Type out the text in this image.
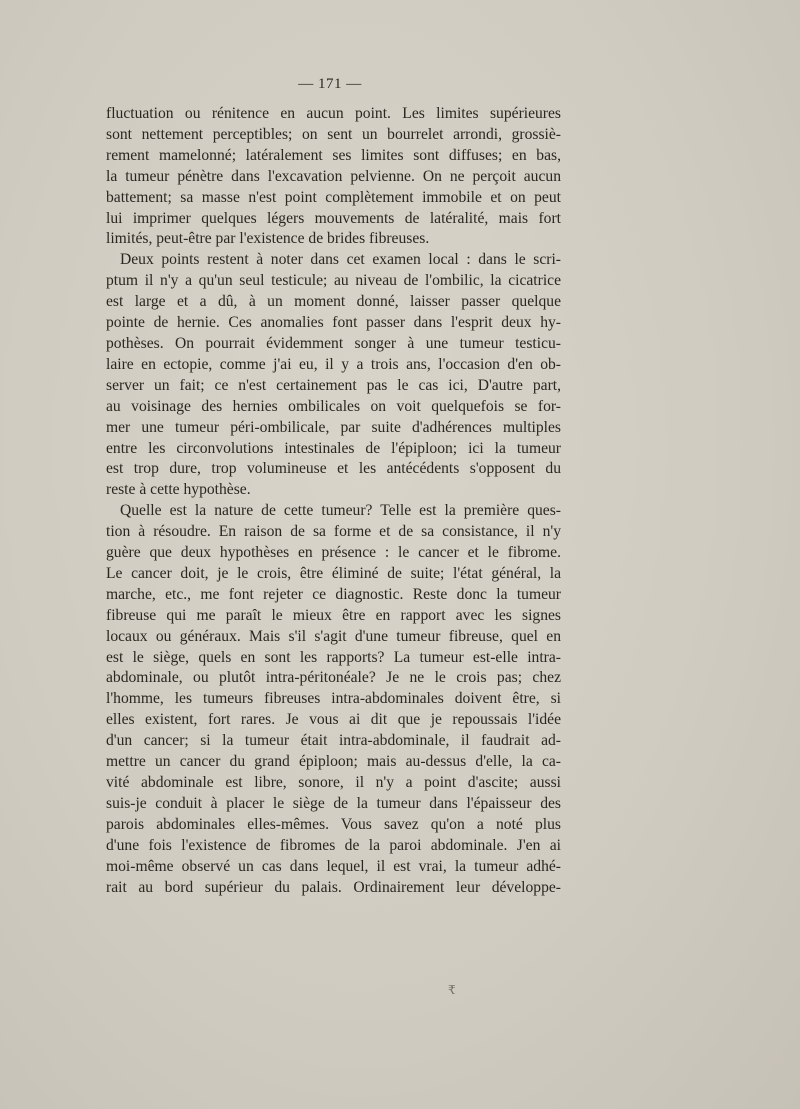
— 171 —
fluctuation ou rénitence en aucun point. Les limites supérieures
sont nettement perceptibles; on sent un bourrelet arrondi, grossiè-
rement mamelonné; latéralement ses limites sont diffuses; en bas,
la tumeur pénètre dans l'excavation pelvienne. On ne perçoit aucun
battement; sa masse n'est point complètement immobile et on peut
lui imprimer quelques légers mouvements de latéralité, mais fort
limités, peut-être par l'existence de brides fibreuses.
Deux points restent à noter dans cet examen local : dans le scri-
ptum il n'y a qu'un seul testicule; au niveau de l'ombilic, la cicatrice
est large et a dû, à un moment donné, laisser passer quelque
pointe de hernie. Ces anomalies font passer dans l'esprit deux hy-
pothèses. On pourrait évidemment songer à une tumeur testicu-
laire en ectopie, comme j'ai eu, il y a trois ans, l'occasion d'en ob-
server un fait; ce n'est certainement pas le cas ici, D'autre part,
au voisinage des hernies ombilicales on voit quelquefois se for-
mer une tumeur péri-ombilicale, par suite d'adhérences multiples
entre les circonvolutions intestinales de l'épiploon; ici la tumeur
est trop dure, trop volumineuse et les antécédents s'opposent du
reste à cette hypothèse.
Quelle est la nature de cette tumeur? Telle est la première ques-
tion à résoudre. En raison de sa forme et de sa consistance, il n'y
guère que deux hypothèses en présence : le cancer et le fibrome.
Le cancer doit, je le crois, être éliminé de suite; l'état général, la
marche, etc., me font rejeter ce diagnostic. Reste donc la tumeur
fibreuse qui me paraît le mieux être en rapport avec les signes
locaux ou généraux. Mais s'il s'agit d'une tumeur fibreuse, quel en
est le siège, quels en sont les rapports? La tumeur est-elle intra-
abdominale, ou plutôt intra-péritonéale? Je ne le crois pas; chez
l'homme, les tumeurs fibreuses intra-abdominales doivent être, si
elles existent, fort rares. Je vous ai dit que je repoussais l'idée
d'un cancer; si la tumeur était intra-abdominale, il faudrait ad-
mettre un cancer du grand épiploon; mais au-dessus d'elle, la ca-
vité abdominale est libre, sonore, il n'y a point d'ascite; aussi
suis-je conduit à placer le siège de la tumeur dans l'épaisseur des
parois abdominales elles-mêmes. Vous savez qu'on a noté plus
d'une fois l'existence de fibromes de la paroi abdominale. J'en ai
moi-même observé un cas dans lequel, il est vrai, la tumeur adhé-
rait au bord supérieur du palais. Ordinairement leur développe-
₹
